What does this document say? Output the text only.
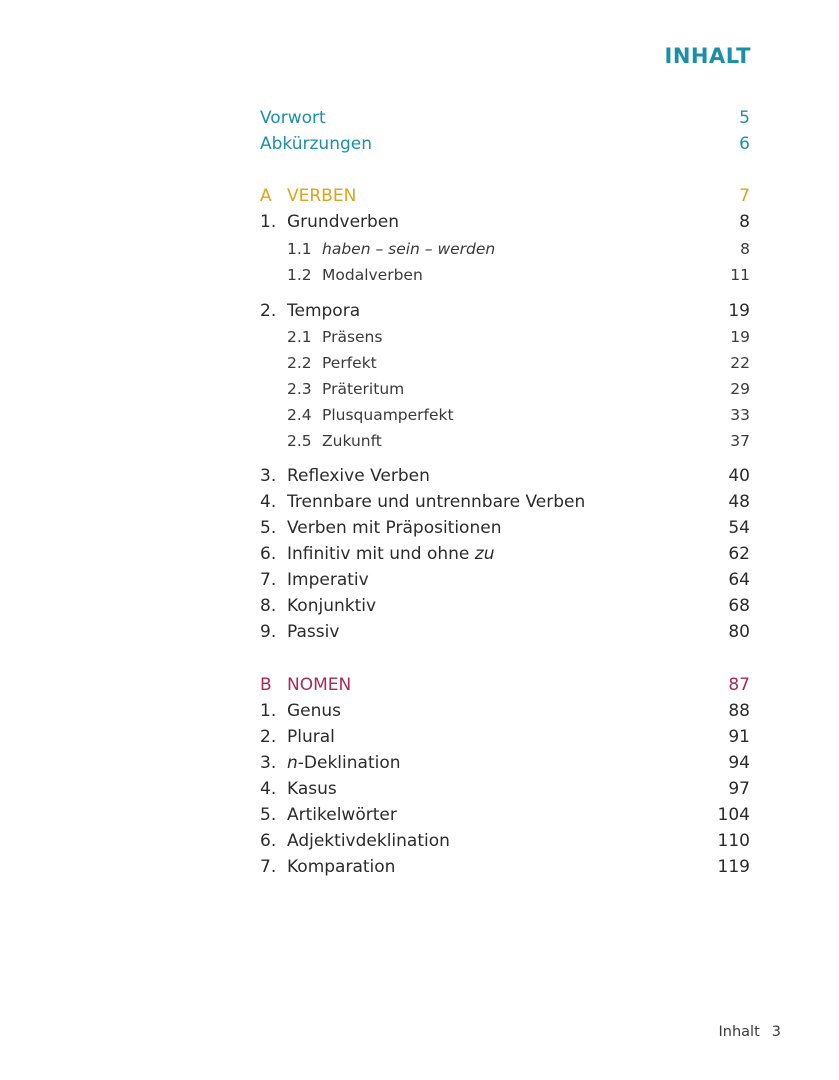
INHALT
Vorwort	5
Abkürzungen	6
A VERBEN	7
1. Grundverben	8
1.1 haben – sein – werden	8
1.2 Modalverben	11
2. Tempora	19
2.1 Präsens	19
2.2 Perfekt	22
2.3 Präteritum	29
2.4 Plusquamperfekt	33
2.5 Zukunft	37
3. Reflexive Verben	40
4. Trennbare und untrennbare Verben	48
5. Verben mit Präpositionen	54
6. Infinitiv mit und ohne zu	62
7. Imperativ	64
8. Konjunktiv	68
9. Passiv	80
B NOMEN	87
1. Genus	88
2. Plural	91
3. n-Deklination	94
4. Kasus	97
5. Artikelwörter	104
6. Adjektivdeklination	110
7. Komparation	119
Inhalt 3
